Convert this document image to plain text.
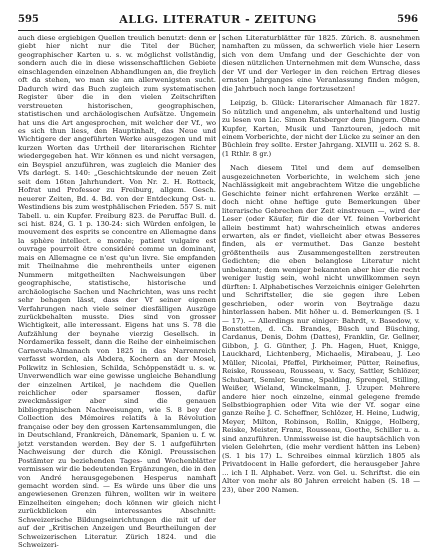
595	ALLG. LITERATUR - ZEITUNG	596

auch diese ergiebigen Quellen treulich benutzt: denn er giebt hier nicht nur die Titel der Bücher, geographischer Karten u. s. w. möglichst vollständig, sondern auch die in diese wissenschaftlichen Gebiete einschlagenden einzelnen Abhandlungen an, die freylich oft da stehen, wo man sie am allerwenigsten sucht. Dadurch wird das Buch zugleich zum systematischen Register über die in den vielen Zeitschriften verstreueten historischen, geographischen, statistischen und archäologischen Aufsätze. Ungemein hat uns die Art angesprochen, mit welcher der Vf., wo es sich thun liess, den Hauptinhalt, das Neue und Wichtigere der angeführten Werke ausgezogen und mit kurzen Worten das Urtheil der literarischen Richter wiedergegeben hat. Wir können es und nicht versagen, ein Beyspiel anzuführen, was zugleich die Manier des Vfs darlegt. S. 140: „Geschichtskunde der neuen Zeit seit dem 16ten Jahrhundert. Von Nr. 2. H. Rotteck, Hofrat und Professor zu Freiburg, allgem. Gesch. neuerer Zeiten, Bd. 4. Bd. von der Entdeckung Ost- u. Westindiens bis zum westphälischen Frieden. 557 S. mit Tabell. u. ein Kupfer. Freiburg 823. de Peruffac Bull. d. sci hist. 824, G. 1 p. 130-24: sich Würden enfolgen, le mouvement des esprits se concentre en Allemagne dans la sphère intellect. e morale; patient vulgaire est ouvrage pourroit être considéré comme un dominant, mais en Allemagne ce n'est qu'un livre. Sie empfanden mit Theilnahme die mehrentheils unter eigenen Nummern mitgetheilten Nachweisungen über geographische, statistische, historische und archäologische Sachen und Nachrichten, was uns recht sehr behagen lässt, dass der Vf seiner eigenen Verfahrungen nach viele seiner diesfälligen Auszüge zurückbehalten musste. Dies sind von grosser Wichtigkeit, alle interessant. Eigens hat uns S. 78 die Aufzählung der beynahe vierzig Gesellsch. in Nordamerika fesselt, dann die Reihe der einheimischen Carnevals-Almanach von 1825 in das Narrenreich verfasst worden, als Abdera, Kochern an der Mosel, Polkwitz in Schlesien, Schilda, Schöppenstädt u. s. w. Unverwendlich war eine gewisse ungleiche Behandlung der einzelnen Artikel, je nachdem die Quellen reichlicher oder sparsamer flossen, dafür zweckmässiger aber sind die genauen bibliographischen Nachweisungen, wie S. 8 bey der Collection des Mémoires relatifs à la Révolution française oder bey den grossen Kartensammlungen, die in Deutschland, Frankreich, Dänemark, Spanien u. f. w. jetzt verstanden werden. Bey der S. 1 aufgeführten Nachweisung der durch die Königl. Preussischen Postämter zu beziehenden Tages- und Wochenblätter vermissen wir die bedeutenden Ergänzungen, die in den von André herausgegebenen Hesperus namhaft gemacht worden sind. — Es würde uns über die uns angewiesenen Grenzen führen, wollten wir in weitere Einzelheiten eingehen; doch können wir gleich nicht zurückblicken ein interessantes Abschnitt: Schweizerische Bildungseinrichtungen die mit uf der auf der „Kritischen Anzeigen und Beurtheilungen der Schweizerischen Literatur. Zürich 1824. und die Schweizeri-

schen Literaturblätter für 1825. Zürich. 8. ausnehmen namhaften zu müssen, da schwerlich viele hier Lesern sich von dem Umfang und der Geschichte der von diesen nützlichen Unternehmen mit dem Wunsche, dass der Vf und der Verleger in den reichen Ertrag dieses ernsten Jahrganges eine Veranlassung finden mögen, die Jahrbuch noch lange fortzusetzen!

Leipzig, b. Glück: Literarischer Almanach für 1827. So nützlich und angenehm, als unterhaltend und lustig zu lesen von Lic. Simon Ratsberger dem Jüngern. Ohne Kupfer, Karten, Musik und Tanztouren, jedoch mit einem Vorberichte, der nicht der Lücke zu seiner an den Büchlein frey sollte. Erster Jahrgang. XLVIII u. 262 S. 8. (1 Rthlr. 8 gr.)

Nach diesem Titel und dem auf demselben ausgezeichneten Vorberichte, in welchem sich jene Nachlässigkeit mit angebrachtem Witze die ungebliche Geschichte feiner nicht erfahrenen Werke erzählt — doch nicht ohne heftige gute Bemerkungen über literarische Gebrechen der Zeit einstreuen —, wird der Leser (oder Käufer, für die der Vf. feinen Vorbericht allein bestimmt hat) wahrscheinlich etwas anderes erwarten, als er findet, vielleicht aber etwas Besseres finden, als er vermuthet. Das Ganze besteht größtentheils aus Zusammengestellten zerstreuten Gedichten; die eben belanglose Literatur nicht unbekannt; dem weniger bekannten aber hier die recht weniger lustig sein, wohl nicht unwillkommen seyn dürften: I. Alphabetisches Verzeichnis einiger Gelehrten und Schriftsteller, die sie gegen ihre Leben geschrieben, oder worin von Beytraäge dazu hinterlassen haben. Mit höher u. d. Bemerkungen (S. 1 — 17). — Allerdings nur einiger: Bahrdt, v. Basedow, v. Bonstetten, d. Ch. Brandes, Büsch und Büsching, Cardanus, Denis, Dohm (Dattes), Franklin, Gr. Gellner, Gibbon, J. G. Günther, J. Ph. Hagen, Huet, Knigge, Lauckhard, Lichtenberg, Michaelis, Mirabeau, J. Leo Müller, Nicolai, Pfeffel, Pirkheimer, Pütter, Reinefius, Reiske, Rousseau, Rousseau, v. Sacy, Sattler, Schlözer, Schubart, Semler, Seume, Spalding, Sprengel, Stilling, Weißer, Wieland, Winckelmann, J. Uzuper. Mehrere andere hier noch einzelne, einmal gelegene fremde Selbstbiographien oder Vita wie der Vf. sogar eine ganze Reihe J. C. Scheffner, Schlözer, H. Heine, Ludwig, Meyer, Milton, Robinson, Rollin, Knigge, Holberg, Reiske, Meister, Franz, Rousseau, Goethe, Schiller u. a. sind anzuführen. Unmissweise ist die hauptsächlich von vielen Gelehrten, (die mehr verdient hätten ins Leben) (S. 1 bis 17) L. Schreibes einmal kürzlich 1805 als Privatdocent in Halle gefordert, die herausgeber Jahre ... ich I Il. Alphabet. Verz. von Gel. u. Schriftst. die ein Alter von mehr als 80 Jahren erreicht haben (S. 18 — 23), über 200 Namen.
